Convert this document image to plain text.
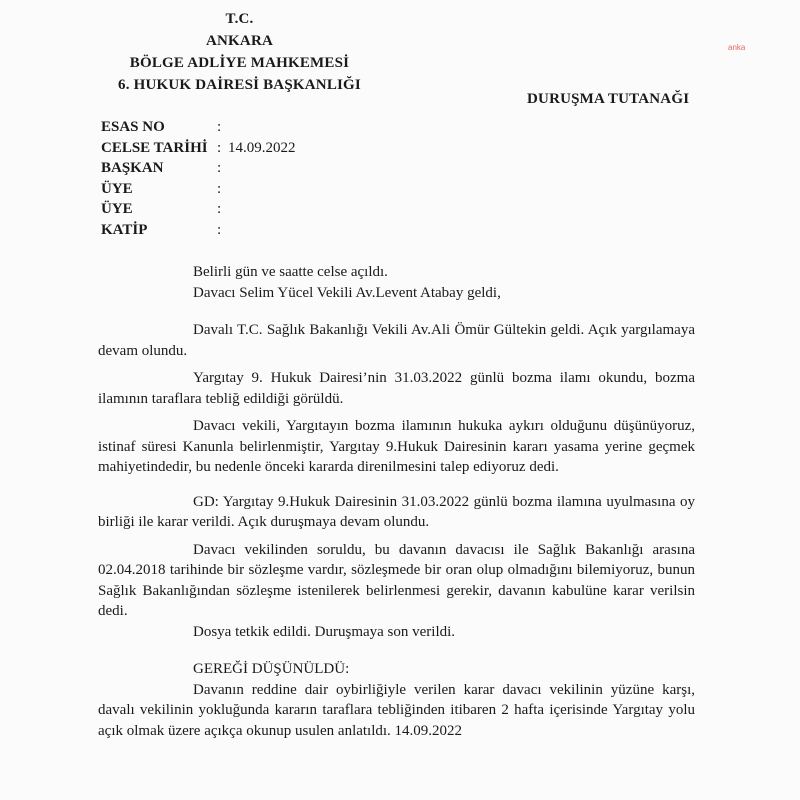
T.C.
ANKARA
BÖLGE ADLİYE MAHKEMESİ
6. HUKUK DAİRESİ BAŞKANLIĞI
anka
DURUŞMA TUTANAĞI
ESAS NO	:
CELSE TARİHİ : 14.09.2022
BAŞKAN	:
ÜYE	:
ÜYE	:
KATİP	:

Belirli gün ve saatte celse açıldı.

Davacı Selim Yücel Vekili Av.Levent Atabay geldi,

Davalı T.C. Sağlık Bakanlığı Vekili Av.Ali Ömür Gültekin geldi. Açık yargılamaya devam olundu.

Yargıtay 9. Hukuk Dairesi’nin 31.03.2022 günlü bozma ilamı okundu, bozma ilamının taraflara tebliğ edildiği görüldü.

Davacı vekili, Yargıtayın bozma ilamının hukuka aykırı olduğunu düşünüyoruz, istinaf süresi Kanunla belirlenmiştir, Yargıtay 9.Hukuk Dairesinin kararı yasama yerine geçmek mahiyetindedir, bu nedenle önceki kararda direnilmesini talep ediyoruz dedi.

GD: Yargıtay 9.Hukuk Dairesinin 31.03.2022 günlü bozma ilamına uyulmasına oy birliği ile karar verildi. Açık duruşmaya devam olundu.

Davacı vekilinden soruldu, bu davanın davacısı ile Sağlık Bakanlığı arasına 02.04.2018 tarihinde bir sözleşme vardır, sözleşmede bir oran olup olmadığını bilemiyoruz, bunun Sağlık Bakanlığından sözleşme istenilerek belirlenmesi gerekir, davanın kabulüne karar verilsin dedi.

Dosya tetkik edildi. Duruşmaya son verildi.

GEREĞİ DÜŞÜNÜLDÜ:

Davanın reddine dair oybirliğiyle verilen karar davacı vekilinin yüzüne karşı, davalı vekilinin yokluğunda kararın taraflara tebliğinden itibaren 2 hafta içerisinde Yargıtay yolu açık olmak üzere açıkça okunup usulen anlatıldı. 14.09.2022
